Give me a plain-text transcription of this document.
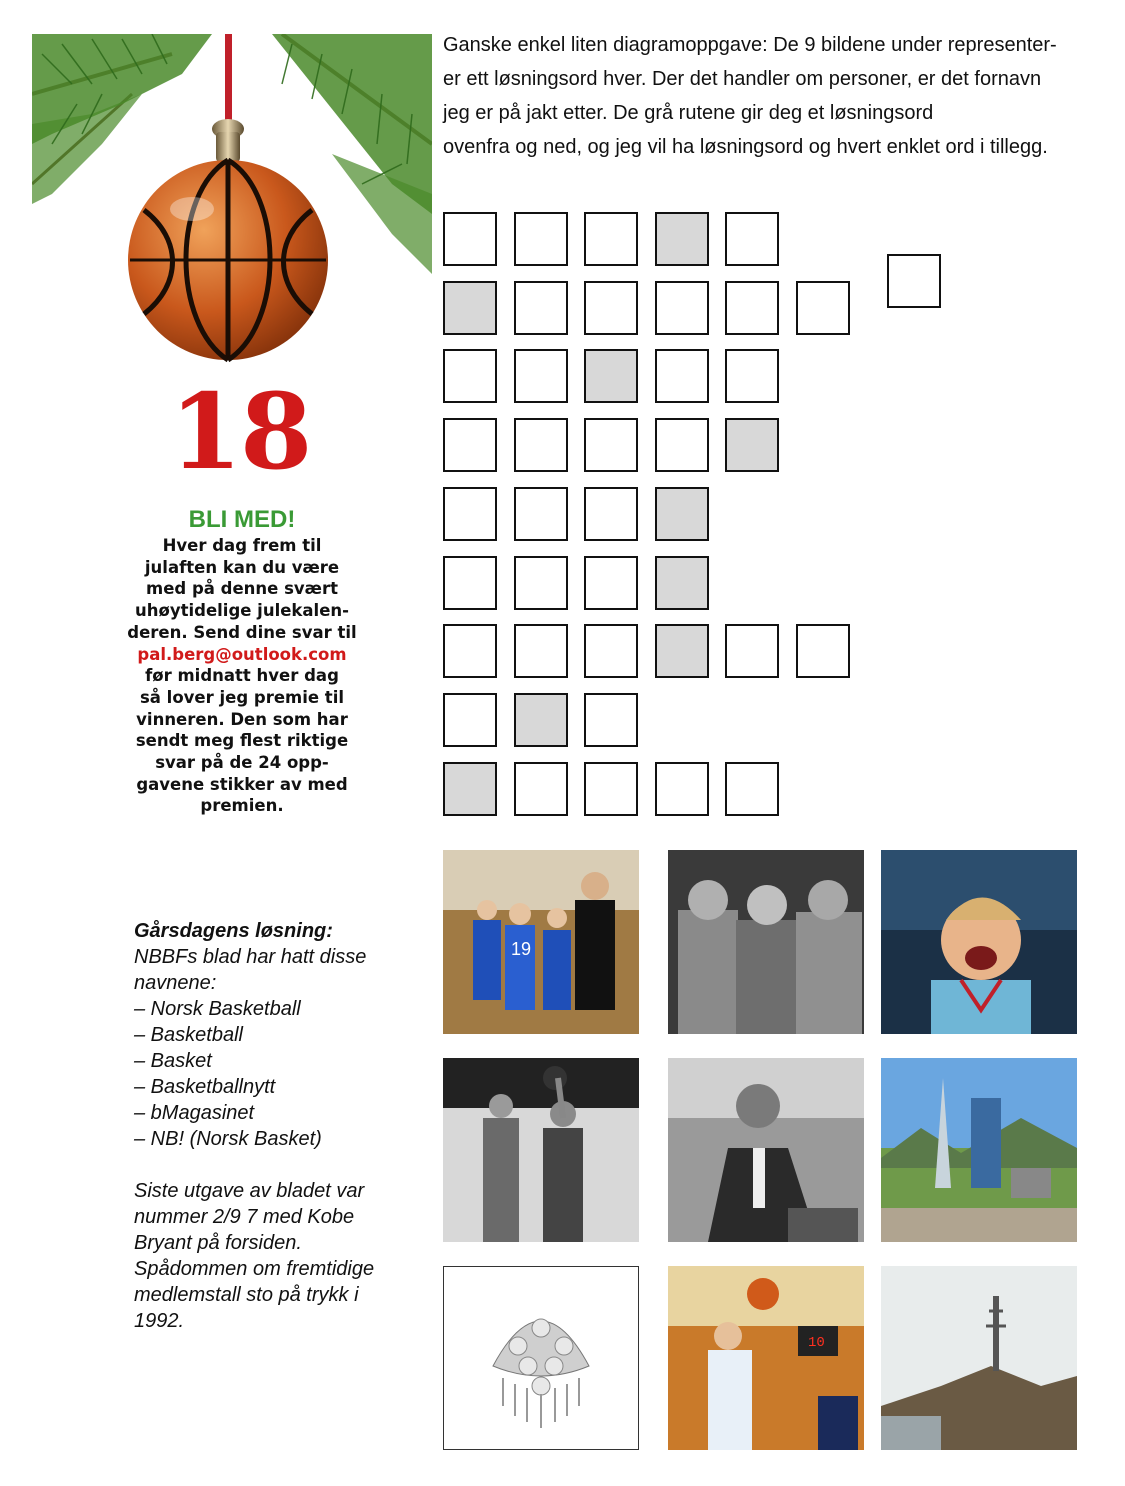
18
BLI MED!
Hver dag frem til
julaften kan du være
med på denne svært
uhøytidelige julekalen-
deren. Send dine svar til
pal.berg@outlook.com
før midnatt hver dag
så lover jeg premie til
vinneren. Den som har
sendt meg flest riktige
svar på de 24 opp-
gavene stikker av med
premien.
Gårsdagens løsning:

NBBFs blad har hatt disse

navnene:

– Norsk Basketball
– Basketball
– Basket
– Basketballnytt
– bMagasinet
– NB! (Norsk Basket)

Siste utgave av bladet var

nummer 2/9 7 med Kobe

Bryant på forsiden.

Spådommen om fremtidige

medlemstall sto på trykk i

1992.

Ganske enkel liten diagramoppgave: De 9 bildene under representer-

er ett løsningsord hver. Der det handler om personer, er det fornavn

jeg er på jakt etter. De grå rutene gir deg et løsningsord

ovenfra og ned, og jeg vil ha løsningsord og hvert enklet ord i tillegg.

19
10
